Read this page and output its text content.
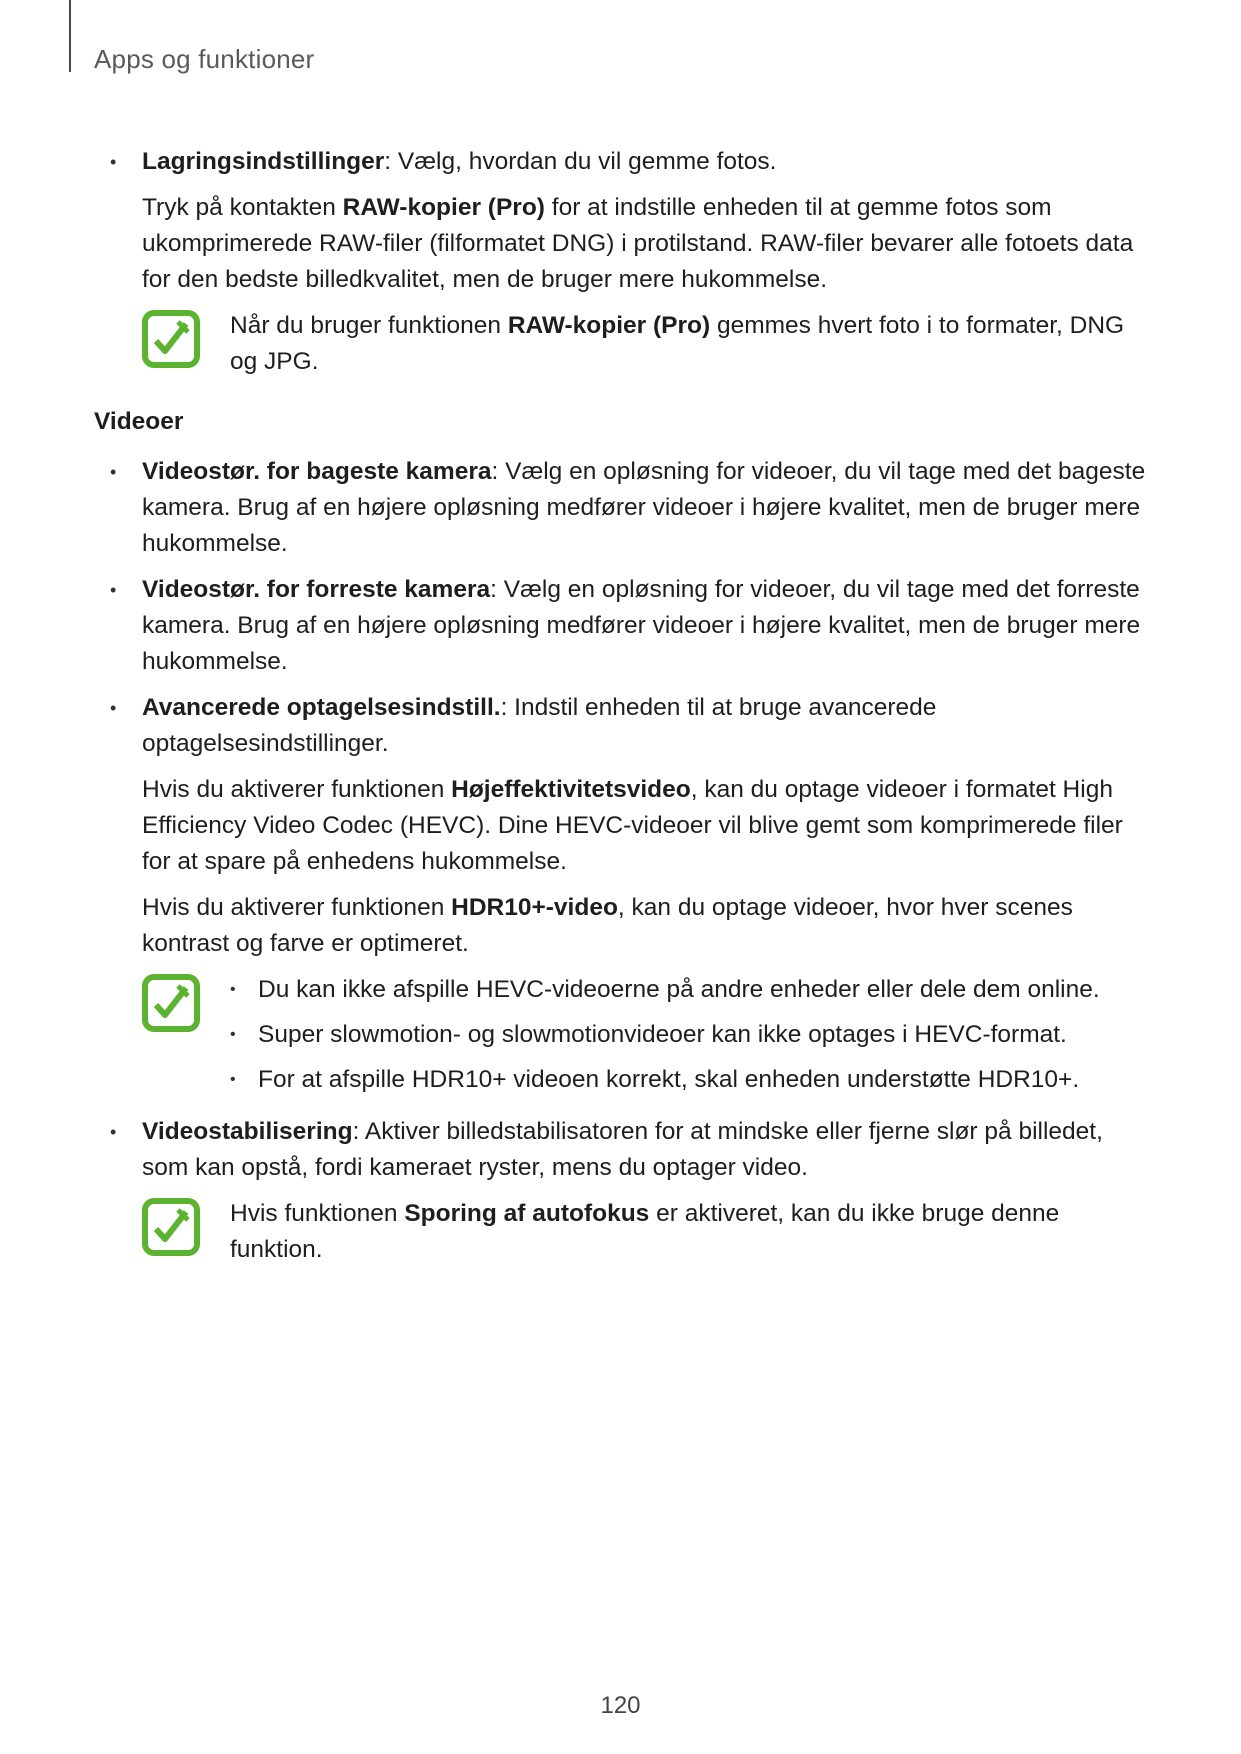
Apps og funktioner
• Lagringsindstillinger: Vælg, hvordan du vil gemme fotos.
Tryk på kontakten RAW-kopier (Pro) for at indstille enheden til at gemme fotos som ukomprimerede RAW-filer (filformatet DNG) i protilstand. RAW-filer bevarer alle fotoets data for den bedste billedkvalitet, men de bruger mere hukommelse.
Når du bruger funktionen RAW-kopier (Pro) gemmes hvert foto i to formater, DNG og JPG.
Videoer
• Videostør. for bageste kamera: Vælg en opløsning for videoer, du vil tage med det bageste kamera. Brug af en højere opløsning medfører videoer i højere kvalitet, men de bruger mere hukommelse.
• Videostør. for forreste kamera: Vælg en opløsning for videoer, du vil tage med det forreste kamera. Brug af en højere opløsning medfører videoer i højere kvalitet, men de bruger mere hukommelse.
• Avancerede optagelsesindstill.: Indstil enheden til at bruge avancerede optagelsesindstillinger.
Hvis du aktiverer funktionen Højeffektivitetsvideo, kan du optage videoer i formatet High Efficiency Video Codec (HEVC). Dine HEVC-videoer vil blive gemt som komprimerede filer for at spare på enhedens hukommelse.
Hvis du aktiverer funktionen HDR10+-video, kan du optage videoer, hvor hver scenes kontrast og farve er optimeret.
• Du kan ikke afspille HEVC-videoerne på andre enheder eller dele dem online.
• Super slowmotion- og slowmotionvideoer kan ikke optages i HEVC-format.
• For at afspille HDR10+ videoen korrekt, skal enheden understøtte HDR10+.
• Videostabilisering: Aktiver billedstabilisatoren for at mindske eller fjerne slør på billedet, som kan opstå, fordi kameraet ryster, mens du optager video.
Hvis funktionen Sporing af autofokus er aktiveret, kan du ikke bruge denne funktion.
120
